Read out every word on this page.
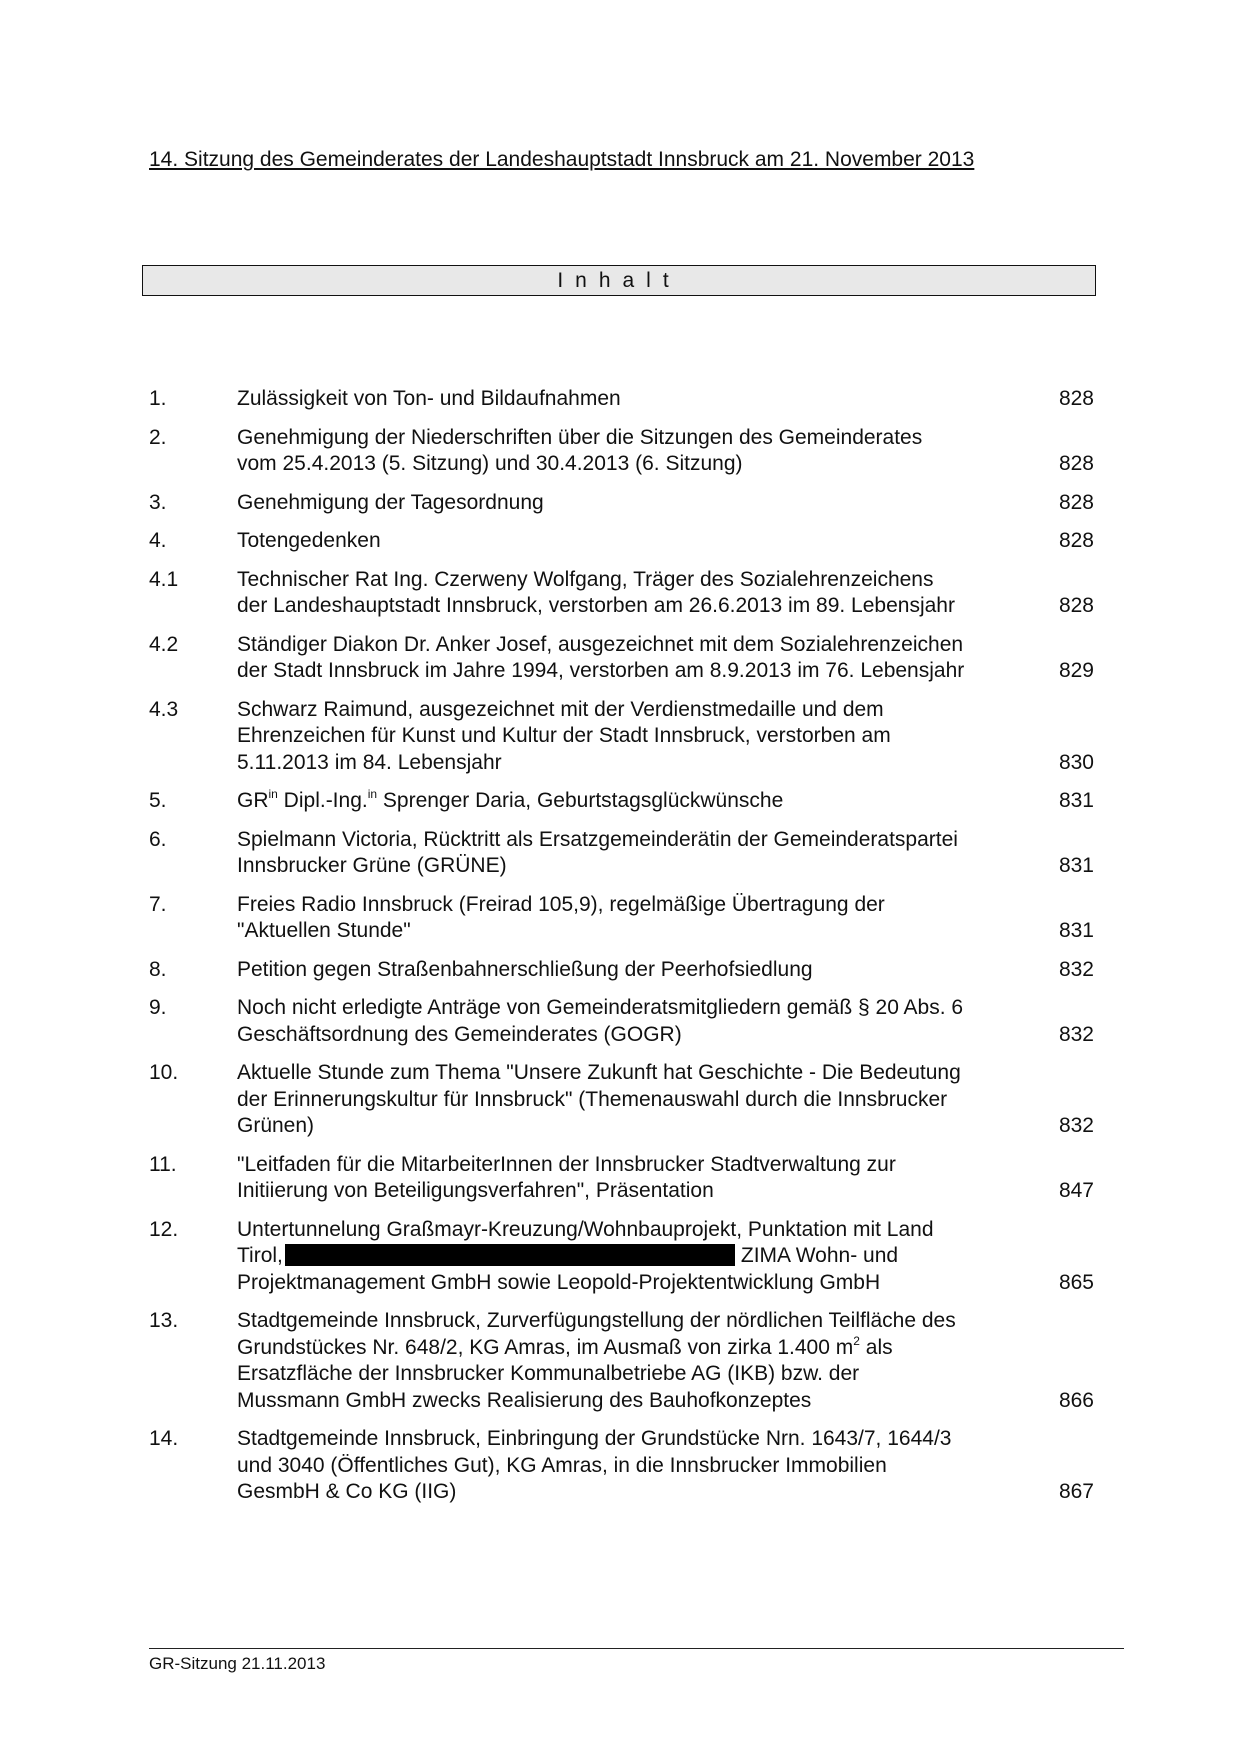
14. Sitzung des Gemeinderates der Landeshauptstadt Innsbruck am 21. November 2013
Inhalt
1.	Zulässigkeit von Ton- und Bildaufnahmen	828
2.	Genehmigung der Niederschriften über die Sitzungen des Gemeinderates
vom 25.4.2013 (5. Sitzung) und 30.4.2013 (6. Sitzung)	828
3.	Genehmigung der Tagesordnung	828
4.	Totengedenken	828
4.1	Technischer Rat Ing. Czerweny Wolfgang, Träger des Sozialehrenzeichens
der Landeshauptstadt Innsbruck, verstorben am 26.6.2013 im 89. Lebensjahr	828
4.2	Ständiger Diakon Dr. Anker Josef, ausgezeichnet mit dem Sozialehrenzeichen
der Stadt Innsbruck im Jahre 1994, verstorben am 8.9.2013 im 76. Lebensjahr	829
4.3	Schwarz Raimund, ausgezeichnet mit der Verdienstmedaille und dem
Ehrenzeichen für Kunst und Kultur der Stadt Innsbruck, verstorben am
5.11.2013 im 84. Lebensjahr	830
5.	$GR^{in}$ Dipl.-Ing.$^{in}$ Sprenger Daria, Geburtstagsglückwünsche	831
6.	Spielmann Victoria, Rücktritt als Ersatzgemeinderätin der Gemeinderatspartei
Innsbrucker Grüne (GRÜNE)	831
7.	Freies Radio Innsbruck (Freirad 105,9), regelmäßige Übertragung der
"Aktuellen Stunde"	831
8.	Petition gegen Straßenbahnerschließung der Peerhofsiedlung	832
9.	Noch nicht erledigte Anträge von Gemeinderatsmitgliedern gemäß § 20 Abs. 6
Geschäftsordnung des Gemeinderates (GOGR)	832
10.	Aktuelle Stunde zum Thema "Unsere Zukunft hat Geschichte - Die Bedeutung
der Erinnerungskultur für Innsbruck" (Themenauswahl durch die Innsbrucker
Grünen)	832
11.	"Leitfaden für die MitarbeiterInnen der Innsbrucker Stadtverwaltung zur
Initiierung von Beteiligungsverfahren", Präsentation	847
12.	Untertunnelung Graßmayr-Kreuzung/Wohnbauprojekt, Punktation mit Land
Tirol,	ZIMA Wohn- und
Projektmanagement GmbH sowie Leopold-Projektentwicklung GmbH	865
13.	Stadtgemeinde Innsbruck, Zurverfügungstellung der nördlichen Teilfläche des
Grundstückes Nr. 648/2, KG Amras, im Ausmaß von zirka 1.400 $m^2$ als
Ersatzfläche der Innsbrucker Kommunalbetriebe AG (IKB) bzw. der
Mussmann GmbH zwecks Realisierung des Bauhofkonzeptes	866
14.	Stadtgemeinde Innsbruck, Einbringung der Grundstücke Nrn. 1643/7, 1644/3
und 3040 (Öffentliches Gut), KG Amras, in die Innsbrucker Immobilien
GesmbH & Co KG (IIG)	867
GR-Sitzung 21.11.2013
